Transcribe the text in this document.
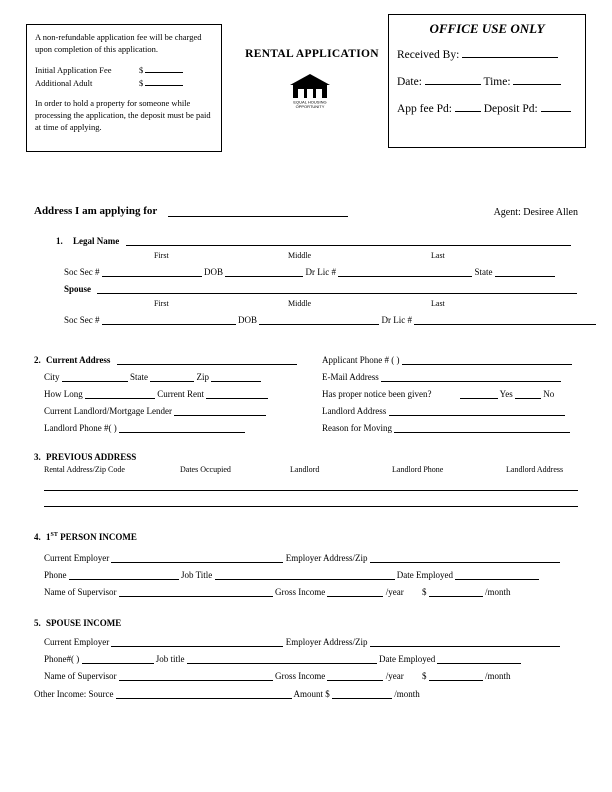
A non-refundable application fee will be charged upon completion of this application.

Initial Application Fee	$
Additional Adult	$

In order to hold a property for someone while processing the application, the deposit must be paid at time of applying.

RENTAL APPLICATION
EQUAL HOUSING
OPPORTUNITY
OFFICE USE ONLY
Received By:
Date:	Time:
App fee Pd:	Deposit Pd:
Address I am applying for	Agent: Desiree Allen
1. Legal Name
First	Middle	Last
Soc Sec #	DOB	Dr Lic #	State
Spouse
First	Middle	Last
Soc Sec #	DOB	Dr Lic #
2. Current Address
City	State	Zip
How Long	Current Rent
Current Landlord/Mortgage Lender
Landlord Phone #( )
Applicant Phone # ( )
E-Mail Address
Has proper notice been given?	Yes	No
Landlord Address
Reason for Moving
3. PREVIOUS ADDRESS
Rental Address/Zip Code	Dates Occupied	Landlord	Landlord Phone	Landlord Address
4. 1ST PERSON INCOME
Current Employer	Employer Address/Zip
Phone	Job Title	Date Employed
Name of Supervisor	Gross Income	/year $	/month
5. SPOUSE INCOME
Current Employer	Employer Address/Zip
Phone#( )	Job title	Date Employed
Name of Supervisor	Gross Income	/year $	/month
Other Income: Source	Amount $	/month
